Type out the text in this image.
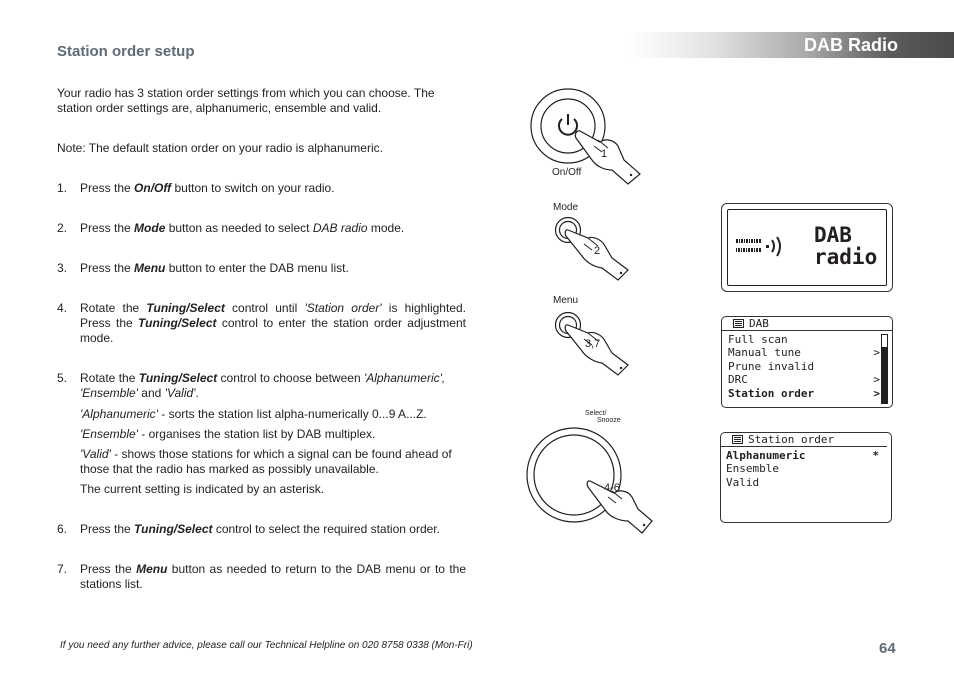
DAB Radio
Station order setup

Your radio has 3 station order settings from which you can choose. The station order settings are, alphanumeric, ensemble and valid.

Note: The default station order on your radio is alphanumeric.

1. Press the On/Off button to switch on your radio.
2. Press the Mode button as needed to select DAB radio mode.
3. Press the Menu button to enter the DAB menu list.
4. Rotate the Tuning/Select control until 'Station order' is highlighted. Press the Tuning/Select control to enter the station order adjustment mode.
5. Rotate the Tuning/Select control to choose between 'Alphanumeric', 'Ensemble' and 'Valid'.
'Alphanumeric' - sorts the station list alpha-numerically 0...9 A...Z.
'Ensemble' - organises the station list by DAB multiplex.
'Valid' - shows those stations for which a signal can be found ahead of those that the radio has marked as possibly unavailable.
The current setting is indicated by an asterisk.
6. Press the Tuning/Select control to select the required station order.
7. Press the Menu button as needed to return to the DAB menu or to the stations list.
1
On/Off
Mode
2
Menu
3,7
Select/
Snooze
4-6
DAB
radio
DAB
Full scan
Manual tune	>
Prune invalid
DRC	>
Station order	>
Station order
Alphanumeric	*
Ensemble
Valid
If you need any further advice, please call our Technical Helpline on 020 8758 0338 (Mon-Fri)	64
